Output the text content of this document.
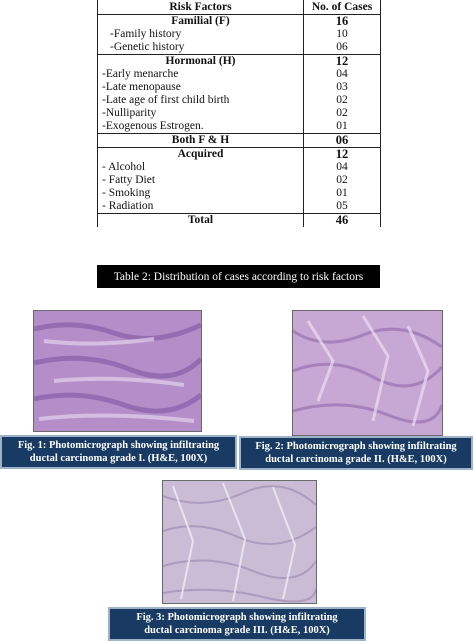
Risk Factors	No. of Cases
Familial (F)	16
-Family history	10
-Genetic history	06
Hormonal (H)	12
-Early menarche	04
-Late menopause	03
-Late age of first child birth	02
-Nulliparity	02
-Exogenous Estrogen.	01
Both F & H	06
Acquired	12
- Alcohol	04
- Fatty Diet	02
- Smoking	01
- Radiation	05
Total	46
Table 2: Distribution of cases according to risk factors
Fig. 1: Photomicrograph showing infiltrating
ductal carcinoma grade I. (H&E, 100X)
Fig. 2: Photomicrograph showing infiltrating
ductal carcinoma grade II. (H&E, 100X)
Fig. 3: Photomicrograph showing infiltrating
ductal carcinoma grade III. (H&E, 100X)
